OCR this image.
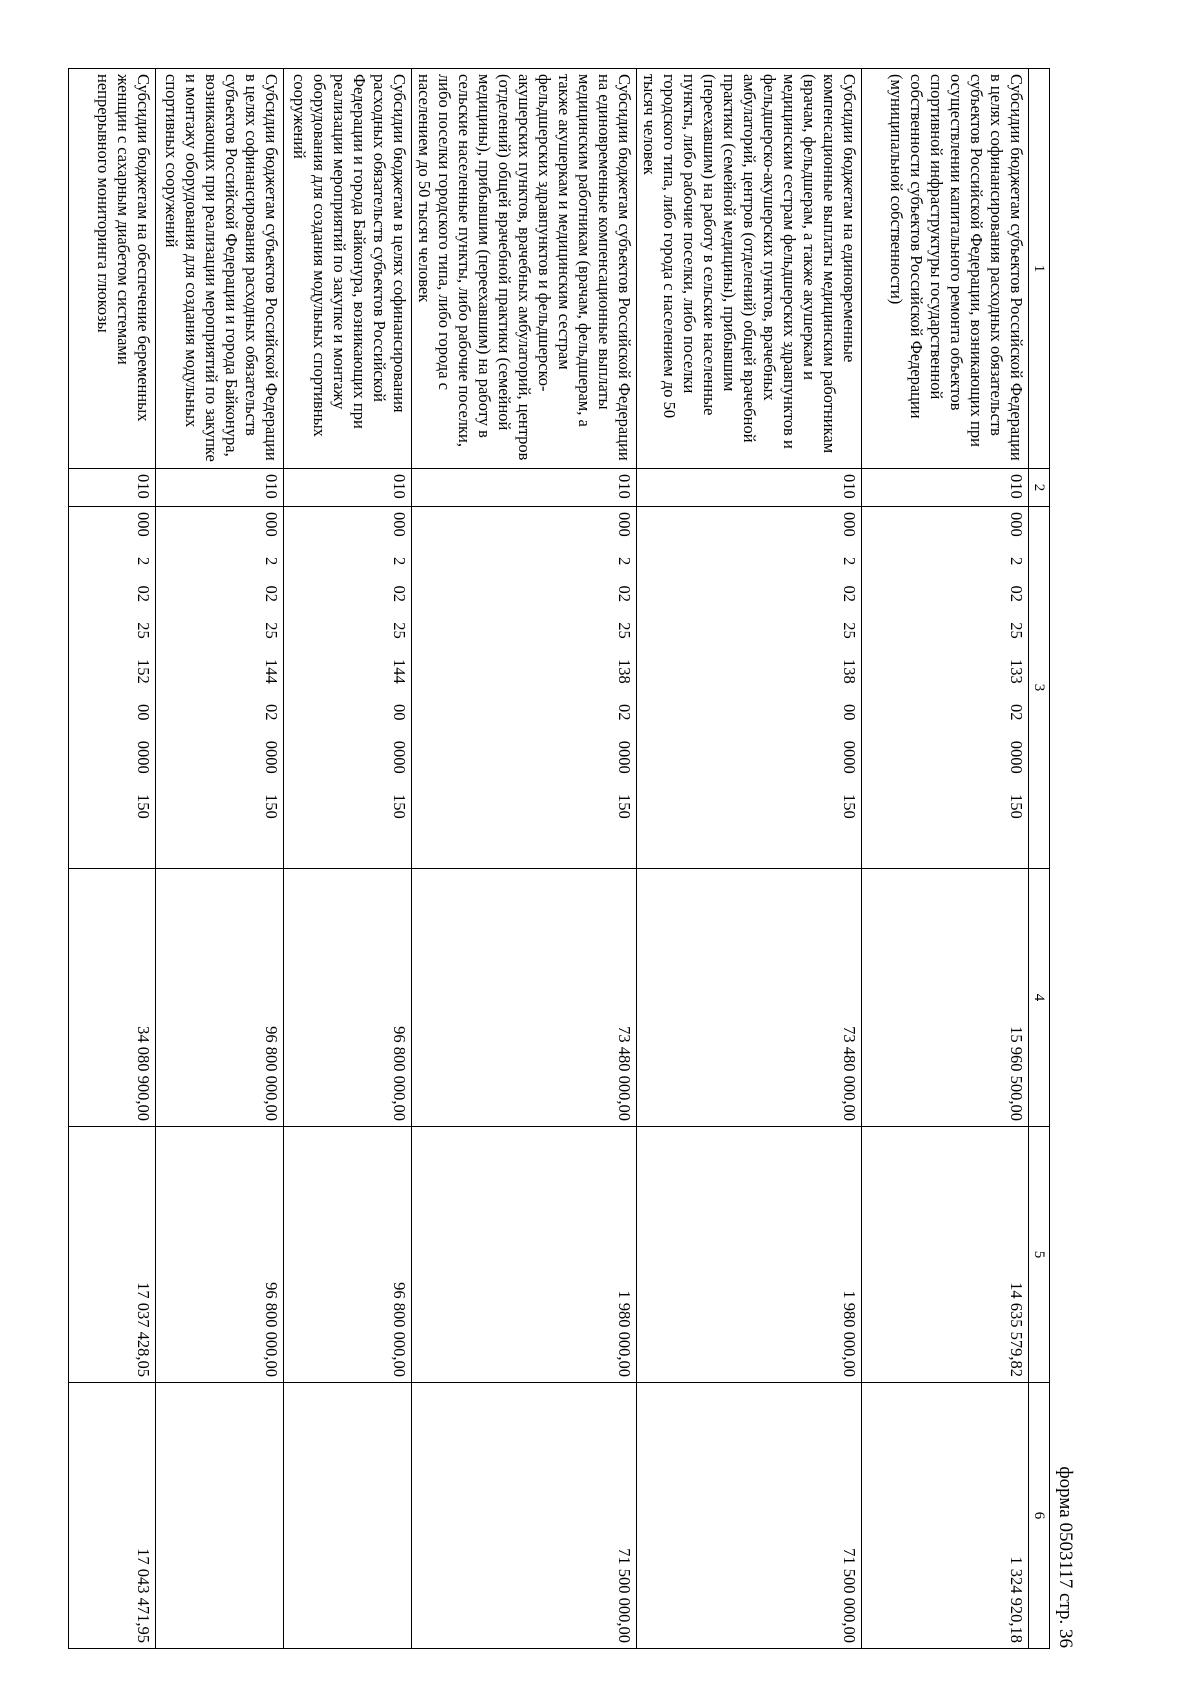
форма 0503117 стр. 36
1	2	3	4	5	6
Субсидии бюджетам субъектов Российской Федерации в целях софинансирования расходных обязательств субъектов Российской Федерации, возникающих при осуществлении капитального ремонта объектов спортивной инфраструктуры государственной собственности субъектов Российской Федерации (муниципальной собственности)	010	000  2  02  25  133  02  0000  150	15 960 500,00	14 635 579,82	1 324 920,18
Субсидии бюджетам на единовременные компенсационные выплаты медицинским работникам (врачам, фельдшерам, а также акушеркам и медицинским сестрам фельдшерских здравпунктов и фельдшерско-акушерских пунктов, врачебных амбулаторий, центров (отделений) общей врачебной практики (семейной медицины), прибывшим (переехавшим) на работу в сельские населенные пункты, либо рабочие поселки, либо поселки городского типа, либо города с населением до 50 тысяч человек	010	000  2  02  25  138  00  0000  150	73 480 000,00	1 980 000,00	71 500 000,00
Субсидии бюджетам субъектов Российской Федерации на единовременные компенсационные выплаты медицинским работникам (врачам, фельдшерам, а также акушеркам и медицинским сестрам фельдшерских здравпунктов и фельдшерско-акушерских пунктов, врачебных амбулаторий, центров (отделений) общей врачебной практики (семейной медицины), прибывшим (переехавшим) на работу в сельские населенные пункты, либо рабочие поселки, либо поселки городского типа, либо города с населением до 50 тысяч человек	010	000  2  02  25  138  02  0000  150	73 480 000,00	1 980 000,00	71 500 000,00
Субсидии бюджетам в целях софинансирования расходных обязательств субъектов Российской Федерации и города Байконура, возникающих при реализации мероприятий по закупке и монтажу оборудования для создания модульных спортивных сооружений	010	000  2  02  25  144  00  0000  150	96 800 000,00	96 800 000,00	
Субсидии бюджетам субъектов Российской Федерации в целях софинансирования расходных обязательств субъектов Российской Федерации и города Байконура, возникающих при реализации мероприятий по закупке и монтажу оборудования для создания модульных спортивных сооружений	010	000  2  02  25  144  02  0000  150	96 800 000,00	96 800 000,00	
Субсидии бюджетам на обеспечение беременных женщин с сахарным диабетом системами непрерывного мониторинга глюкозы	010	000  2  02  25  152  00  0000  150	34 080 900,00	17 037 428,05	17 043 471,95
